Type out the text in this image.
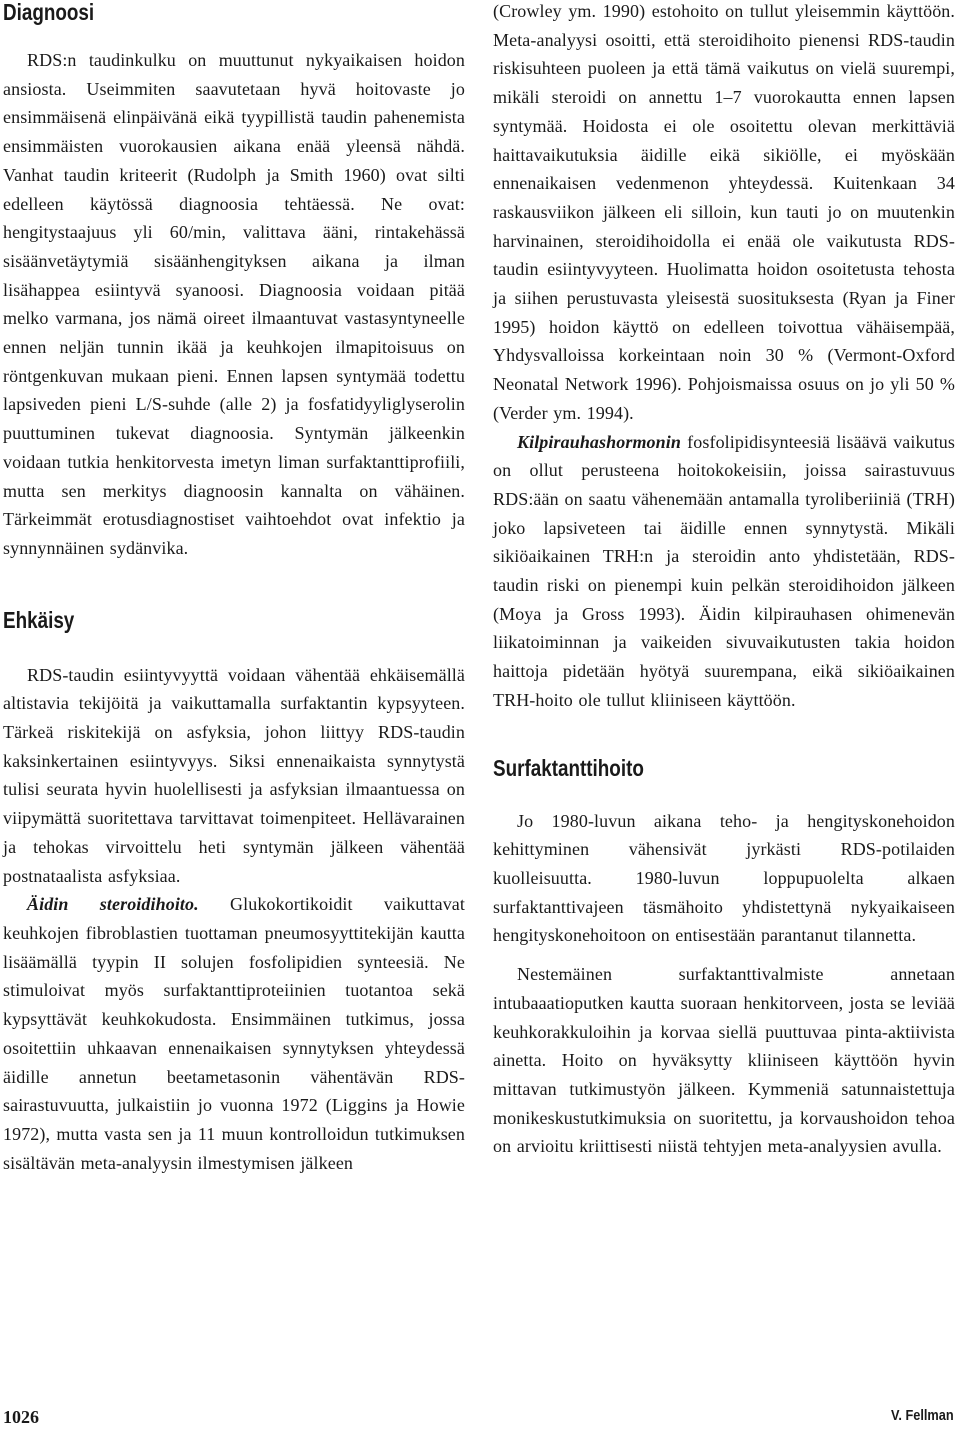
Diagnoosi

RDS:n taudinkulku on muuttunut nykyaikaisen hoidon ansiosta. Useimmiten saavutetaan hyvä hoitovaste jo ensimmäisenä elinpäivänä eikä tyypillistä taudin pahenemista ensimmäisten vuorokausien aikana enää yleensä nähdä. Vanhat taudin kriteerit (Rudolph ja Smith 1960) ovat silti edelleen käytössä diagnoosia tehtäessä. Ne ovat: hengitystaajuus yli 60/min, valittava ääni, rintakehässä sisäänvetäytymiä sisäänhengityksen aikana ja ilman lisähappea esiintyvä syanoosi. Diagnoosia voidaan pitää melko varmana, jos nämä oireet ilmaantuvat vastasyntyneelle ennen neljän tunnin ikää ja keuhkojen ilmapitoisuus on röntgenkuvan mukaan pieni. Ennen lapsen syntymää todettu lapsiveden pieni L/S-suhde (alle 2) ja fosfatidyyliglyserolin puuttuminen tukevat diagnoosia. Syntymän jälkeenkin voidaan tutkia henkitorvesta imetyn liman surfaktanttiprofiili, mutta sen merkitys diagnoosin kannalta on vähäinen. Tärkeimmät erotusdiagnostiset vaihtoehdot ovat infektio ja synnynnäinen sydänvika.

Ehkäisy

RDS-taudin esiintyvyyttä voidaan vähentää ehkäisemällä altistavia tekijöitä ja vaikuttamalla surfaktantin kypsyyteen. Tärkeä riskitekijä on asfyksia, johon liittyy RDS-taudin kaksinkertainen esiintyvyys. Siksi ennenaikaista synnytystä tulisi seurata hyvin huolellisesti ja asfyksian ilmaantuessa on viipymättä suoritettava tarvittavat toimenpiteet. Hellävarainen ja tehokas virvoittelu heti syntymän jälkeen vähentää postnataalista asfyksiaa.

Äidin steroidihoito. Glukokortikoidit vaikuttavat keuhkojen fibroblastien tuottaman pneumosyyttitekijän kautta lisäämällä tyypin II solujen fosfolipidien synteesiä. Ne stimuloivat myös surfaktanttiproteiinien tuotantoa sekä kypsyttävät keuhkokudosta. Ensimmäinen tutkimus, jossa osoitettiin uhkaavan ennenaikaisen synnytyksen yhteydessä äidille annetun beetametasonin vähentävän RDS-sairastuvuutta, julkaistiin jo vuonna 1972 (Liggins ja Howie 1972), mutta vasta sen ja 11 muun kontrolloidun tutkimuksen sisältävän meta-analyysin ilmestymisen jälkeen

(Crowley ym. 1990) estohoito on tullut yleisemmin käyttöön. Meta-analyysi osoitti, että steroidihoito pienensi RDS-taudin riskisuhteen puoleen ja että tämä vaikutus on vielä suurempi, mikäli steroidi on annettu 1–7 vuorokautta ennen lapsen syntymää. Hoidosta ei ole osoitettu olevan merkittäviä haittavaikutuksia äidille eikä sikiölle, ei myöskään ennenaikaisen vedenmenon yhteydessä. Kuitenkaan 34 raskausviikon jälkeen eli silloin, kun tauti jo on muutenkin harvinainen, steroidihoidolla ei enää ole vaikutusta RDS-taudin esiintyvyyteen. Huolimatta hoidon osoitetusta tehosta ja siihen perustuvasta yleisestä suosituksesta (Ryan ja Finer 1995) hoidon käyttö on edelleen toivottua vähäisempää, Yhdysvalloissa korkeintaan noin 30 % (Vermont-Oxford Neonatal Network 1996). Pohjoismaissa osuus on jo yli 50 % (Verder ym. 1994).

Kilpirauhashormonin fosfolipidisynteesiä lisäävä vaikutus on ollut perusteena hoitokokeisiin, joissa sairastuvuus RDS:ään on saatu vähenemään antamalla tyroliberiiniä (TRH) joko lapsiveteen tai äidille ennen synnytystä. Mikäli sikiöaikainen TRH:n ja steroidin anto yhdistetään, RDS-taudin riski on pienempi kuin pelkän steroidihoidon jälkeen (Moya ja Gross 1993). Äidin kilpirauhasen ohimenevän liikatoiminnan ja vaikeiden sivuvaikutusten takia hoidon haittoja pidetään hyötyä suurempana, eikä sikiöaikainen TRH-hoito ole tullut kliiniseen käyttöön.

Surfaktanttihoito

Jo 1980-luvun aikana teho- ja hengityskonehoidon kehittyminen vähensivät jyrkästi RDS-potilaiden kuolleisuutta. 1980-luvun loppupuolelta alkaen surfaktanttivajeen täsmähoito yhdistettynä nykyaikaiseen hengityskonehoitoon on entisestään parantanut tilannetta.

Nestemäinen surfaktanttivalmiste annetaan intubaaatioputken kautta suoraan henkitorveen, josta se leviää keuhkorakkuloihin ja korvaa siellä puuttuvaa pinta-aktiivista ainetta. Hoito on hyväksytty kliiniseen käyttöön hyvin mittavan tutkimustyön jälkeen. Kymmeniä satunnaistettuja monikeskustutkimuksia on suoritettu, ja korvaushoidon tehoa on arvioitu kriittisesti niistä tehtyjen meta-analyysien avulla.

1026	V. Fellman
